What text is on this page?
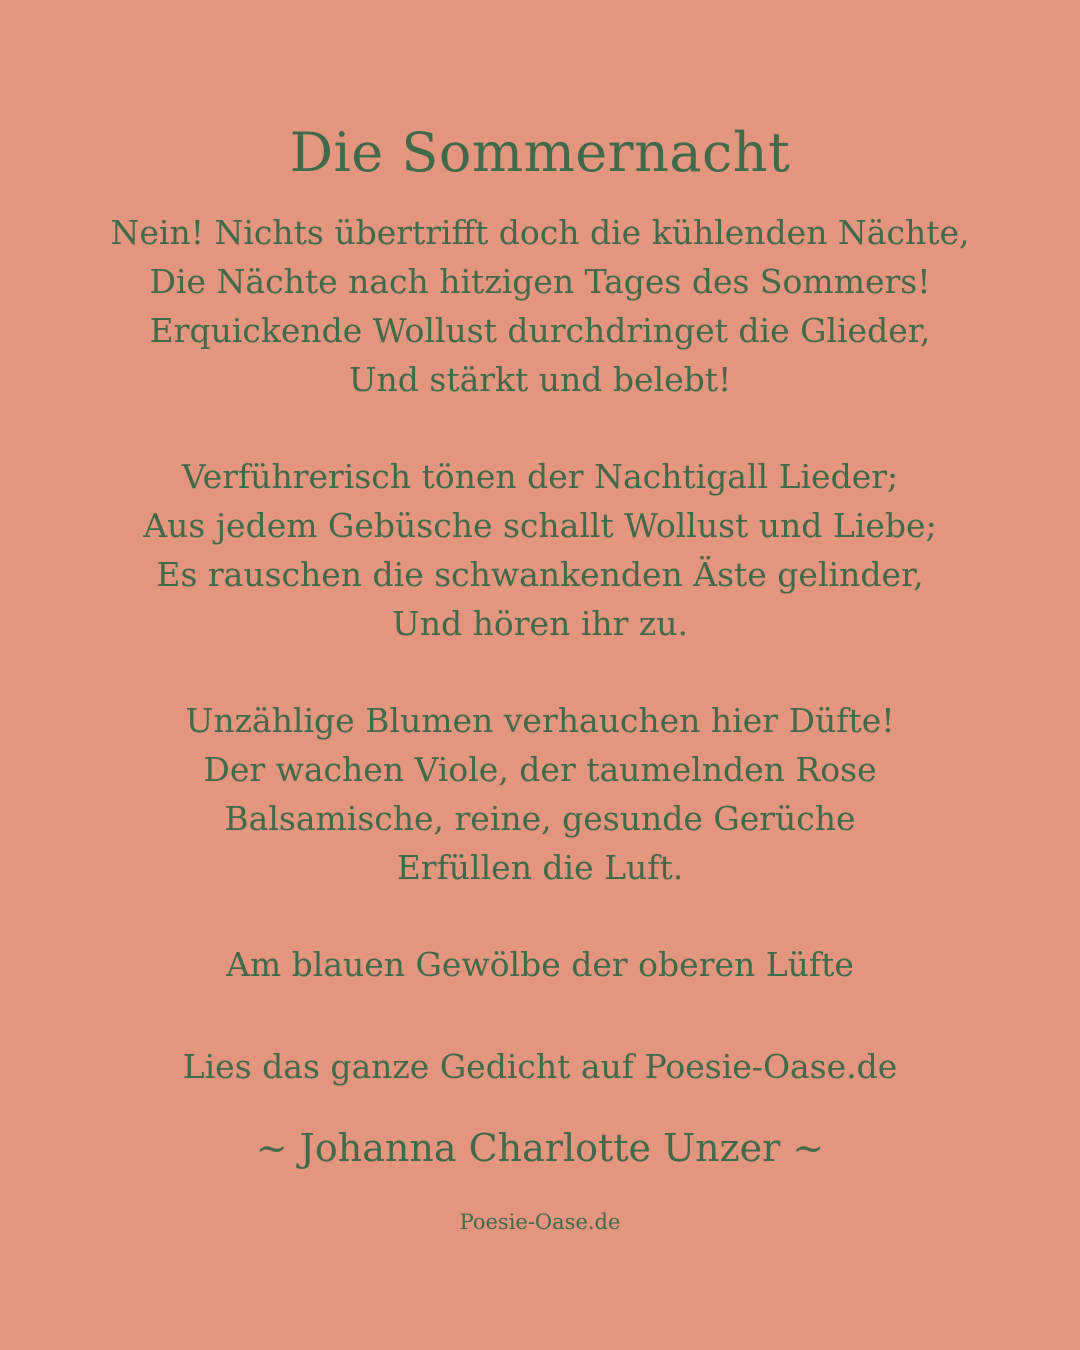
Die Sommernacht
Nein! Nichts übertrifft doch die kühlenden Nächte,
Die Nächte nach hitzigen Tages des Sommers!
Erquickende Wollust durchdringet die Glieder,
Und stärkt und belebt!
Verführerisch tönen der Nachtigall Lieder;
Aus jedem Gebüsche schallt Wollust und Liebe;
Es rauschen die schwankenden Äste gelinder,
Und hören ihr zu.
Unzählige Blumen verhauchen hier Düfte!
Der wachen Viole, der taumelnden Rose
Balsamische, reine, gesunde Gerüche
Erfüllen die Luft.
Am blauen Gewölbe der oberen Lüfte
Lies das ganze Gedicht auf Poesie-Oase.de
~ Johanna Charlotte Unzer ~
Poesie-Oase.de
